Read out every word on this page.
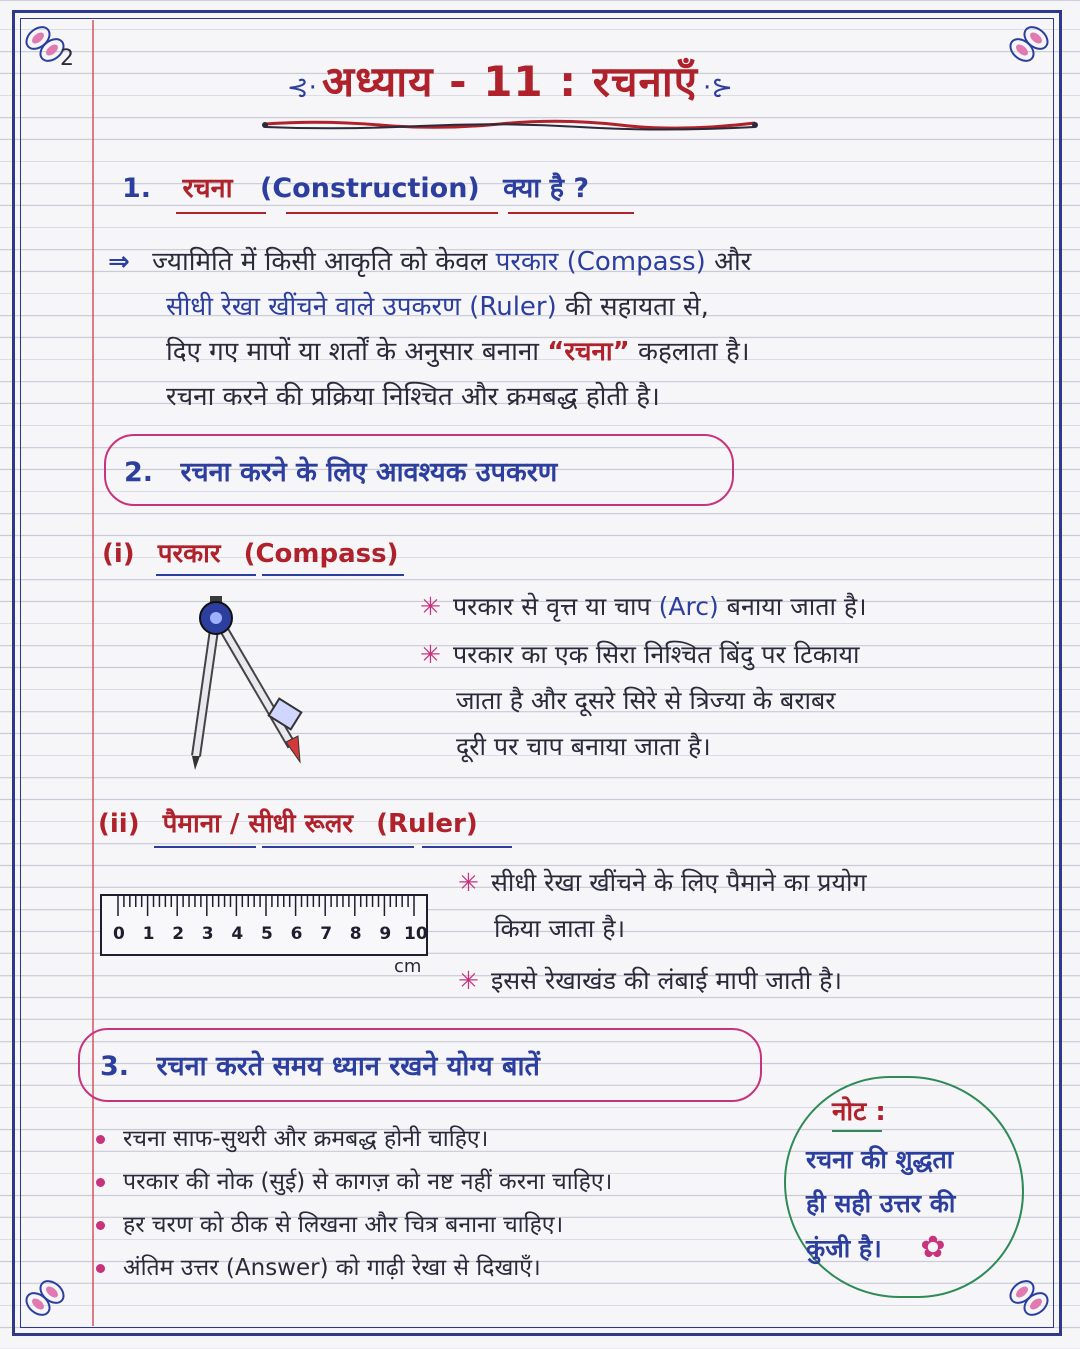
2
⊰· अध्याय - 11 : रचनाएँ ·⊱
1. रचना (Construction) क्या है ?
⇒ ज्यामिति में किसी आकृति को केवल परकार (Compass) और
सीधी रेखा खींचने वाले उपकरण (Ruler) की सहायता से,
दिए गए मापों या शर्तों के अनुसार बनाना “रचना” कहलाता है।
रचना करने की प्रक्रिया निश्चित और क्रमबद्ध होती है।
2. रचना करने के लिए आवश्यक उपकरण
(i) परकार (Compass)
✳ परकार से वृत्त या चाप (Arc) बनाया जाता है।
✳ परकार का एक सिरा निश्चित बिंदु पर टिकाया
जाता है और दूसरे सिरे से त्रिज्या के बराबर
दूरी पर चाप बनाया जाता है।
(ii) पैमाना / सीधी रूलर (Ruler)
0 1 2 3 4 5 6 7 8 9 10
cm
✳ सीधी रेखा खींचने के लिए पैमाने का प्रयोग
किया जाता है।
✳ इससे रेखाखंड की लंबाई मापी जाती है।
3. रचना करते समय ध्यान रखने योग्य बातें
रचना साफ-सुथरी और क्रमबद्ध होनी चाहिए।
परकार की नोक (सुई) से कागज़ को नष्ट नहीं करना चाहिए।
हर चरण को ठीक से लिखना और चित्र बनाना चाहिए।
अंतिम उत्तर (Answer) को गाढ़ी रेखा से दिखाएँ।
नोट :
रचना की शुद्धता
ही सही उत्तर की
कुंजी है। ✿
